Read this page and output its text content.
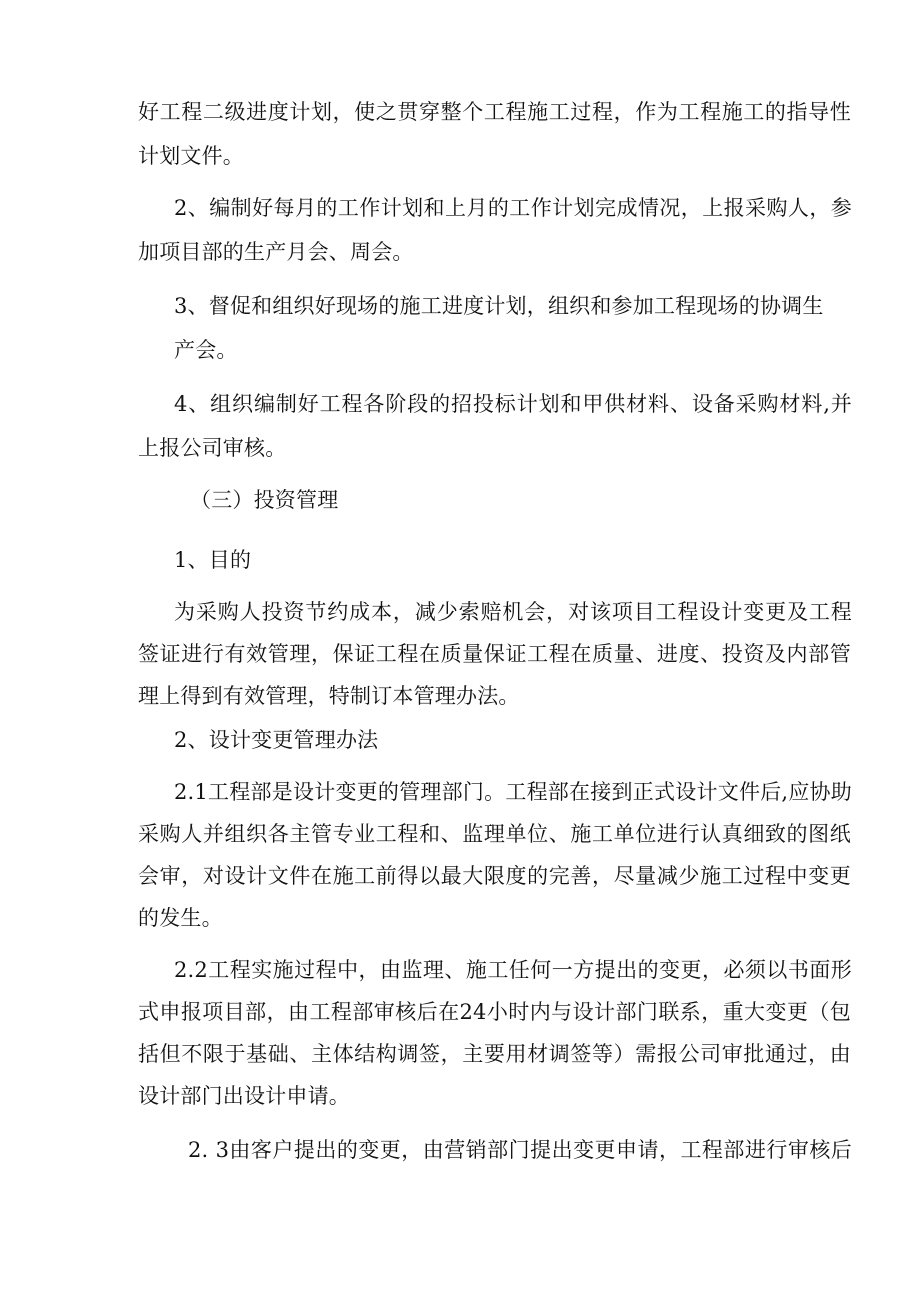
好工程二级进度计划，使之贯穿整个工程施工过程，作为工程施工的指导性

计划文件。

2、编制好每月的工作计划和上月的工作计划完成情况，上报采购人，参

加项目部的生产月会、周会。

3、督促和组织好现场的施工进度计划，组织和参加工程现场的协调生

产会。

4、组织编制好工程各阶段的招投标计划和甲供材料、设备采购材料,并

上报公司审核。

（三）投资管理

1、目的

为采购人投资节约成本，减少索赔机会，对该项目工程设计变更及工程

签证进行有效管理，保证工程在质量保证工程在质量、进度、投资及内部管

理上得到有效管理，特制订本管理办法。

2、设计变更管理办法

2.1工程部是设计变更的管理部门。工程部在接到正式设计文件后,应协助

采购人并组织各主管专业工程和、监理单位、施工单位进行认真细致的图纸

会审，对设计文件在施工前得以最大限度的完善，尽量减少施工过程中变更

的发生。

2.2工程实施过程中，由监理、施工任何一方提出的变更，必须以书面形

式申报项目部，由工程部审核后在24小时内与设计部门联系，重大变更（包

括但不限于基础、主体结构调签，主要用材调签等）需报公司审批通过，由

设计部门出设计申请。

2. 3由客户提出的变更，由营销部门提出变更申请，工程部进行审核后
